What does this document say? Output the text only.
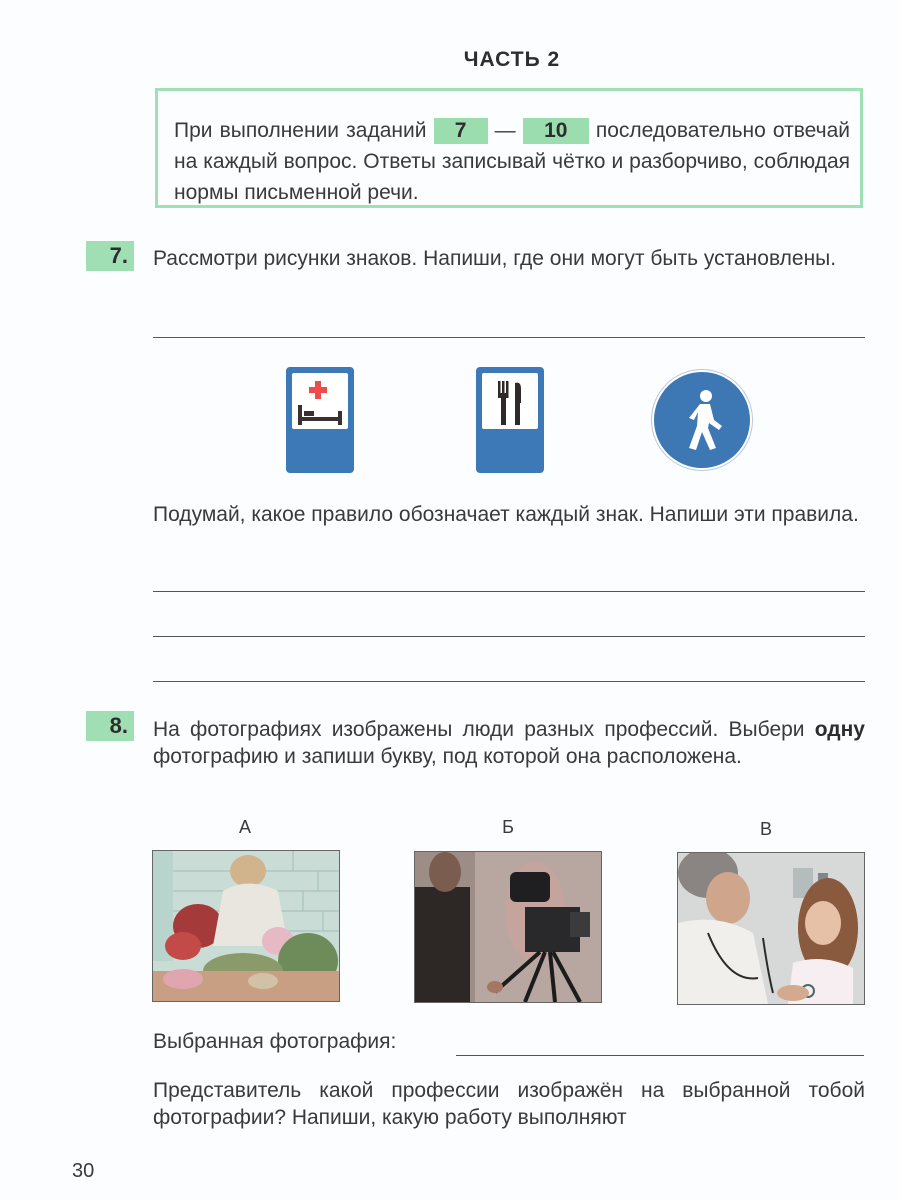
ЧАСТЬ 2
При выполнении заданий 7 — 10 последовательно отвечай на каждый вопрос. Ответы записывай чётко и разборчиво, соблюдая нормы письменной речи.
7. Рассмотри рисунки знаков. Напиши, где они могут быть установлены.
Подумай, какое правило обозначает каждый знак. Напиши эти правила.
8. На фотографиях изображены люди разных профессий. Выбери одну фотографию и запиши букву, под которой она расположена.
А	Б	В
Выбранная фотография:
Представитель какой профессии изображён на выбранной тобой фотографии? Напиши, какую работу выполняют
30
